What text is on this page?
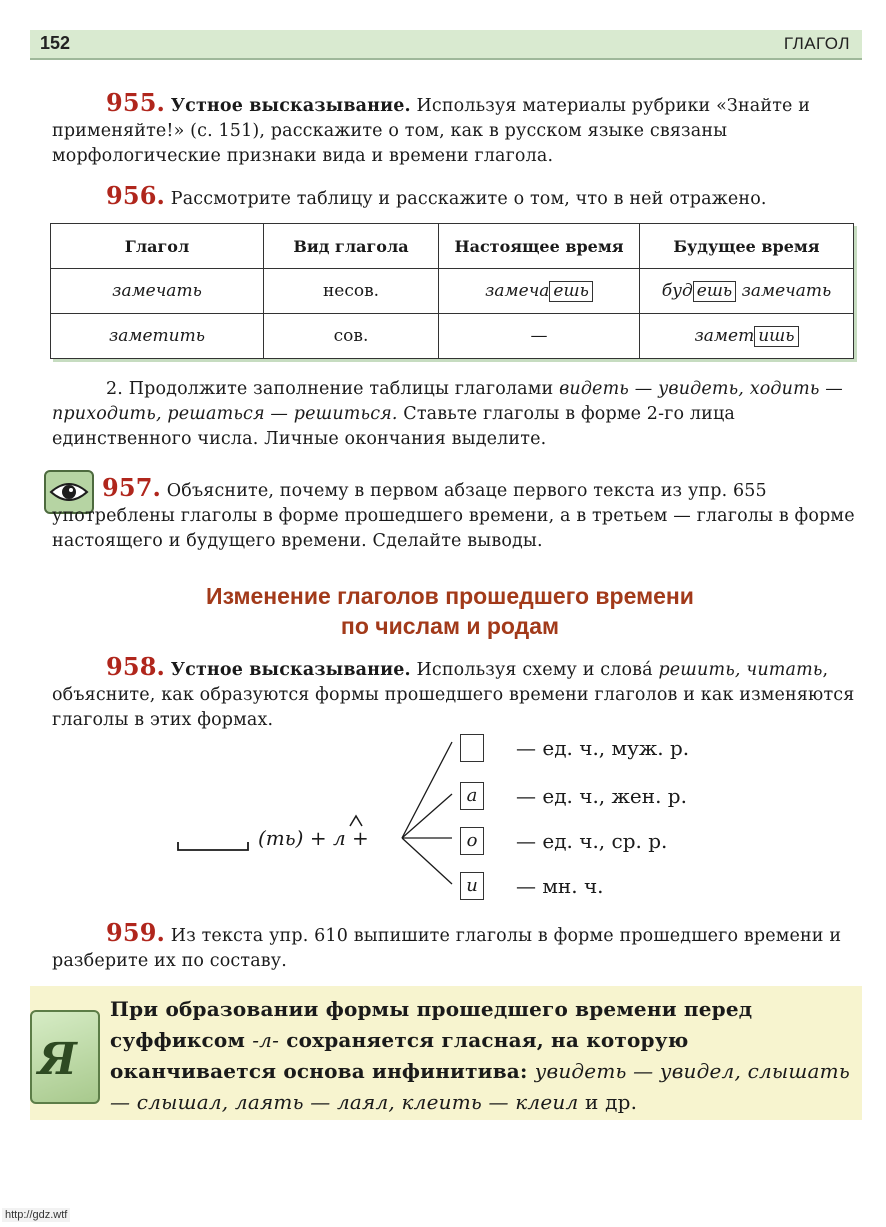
152	ГЛАГОЛ
955. Устное высказывание. Используя материалы рубрики «Знайте и применяйте!» (с. 151), расскажите о том, как в русском языке связаны морфологические признаки вида и времени глагола.
956. Рассмотрите таблицу и расскажите о том, что в ней отражено.
Глагол	Вид глагола	Настоящее время	Будущее время
замечать	несов.	замеча ешь	буд ешь замечать
заметить	сов.	—	замет ишь
2. Продолжите заполнение таблицы глаголами видеть — увидеть, ходить — приходить, решаться — решиться. Ставьте глаголы в форме 2-го лица единственного числа. Личные окончания выделите.
957. Объясните, почему в первом абзаце первого текста из упр. 655 употреблены глаголы в форме прошедшего времени, а в третьем — глаголы в форме настоящего и будущего времени. Сделайте выводы.
Изменение глаголов прошедшего времени
по числам и родам
958. Устное высказывание. Используя схему и слова́ решить, читать, объясните, как образуются формы прошедшего времени глаголов и как изменяются глаголы в этих формах.
(ть) + л +
— ед. ч., муж. р.
а	— ед. ч., жен. р.
о	— ед. ч., ср. р.
и	— мн. ч.
959. Из текста упр. 610 выпишите глаголы в форме прошедшего времени и разберите их по составу.
Я
При образовании формы прошедшего времени перед суффиксом -л- сохраняется гласная, на которую оканчивается основа инфинитива: увидеть — увидел, слышать — слышал, лаять — лаял, клеить — клеил и др.
http://gdz.wtf
